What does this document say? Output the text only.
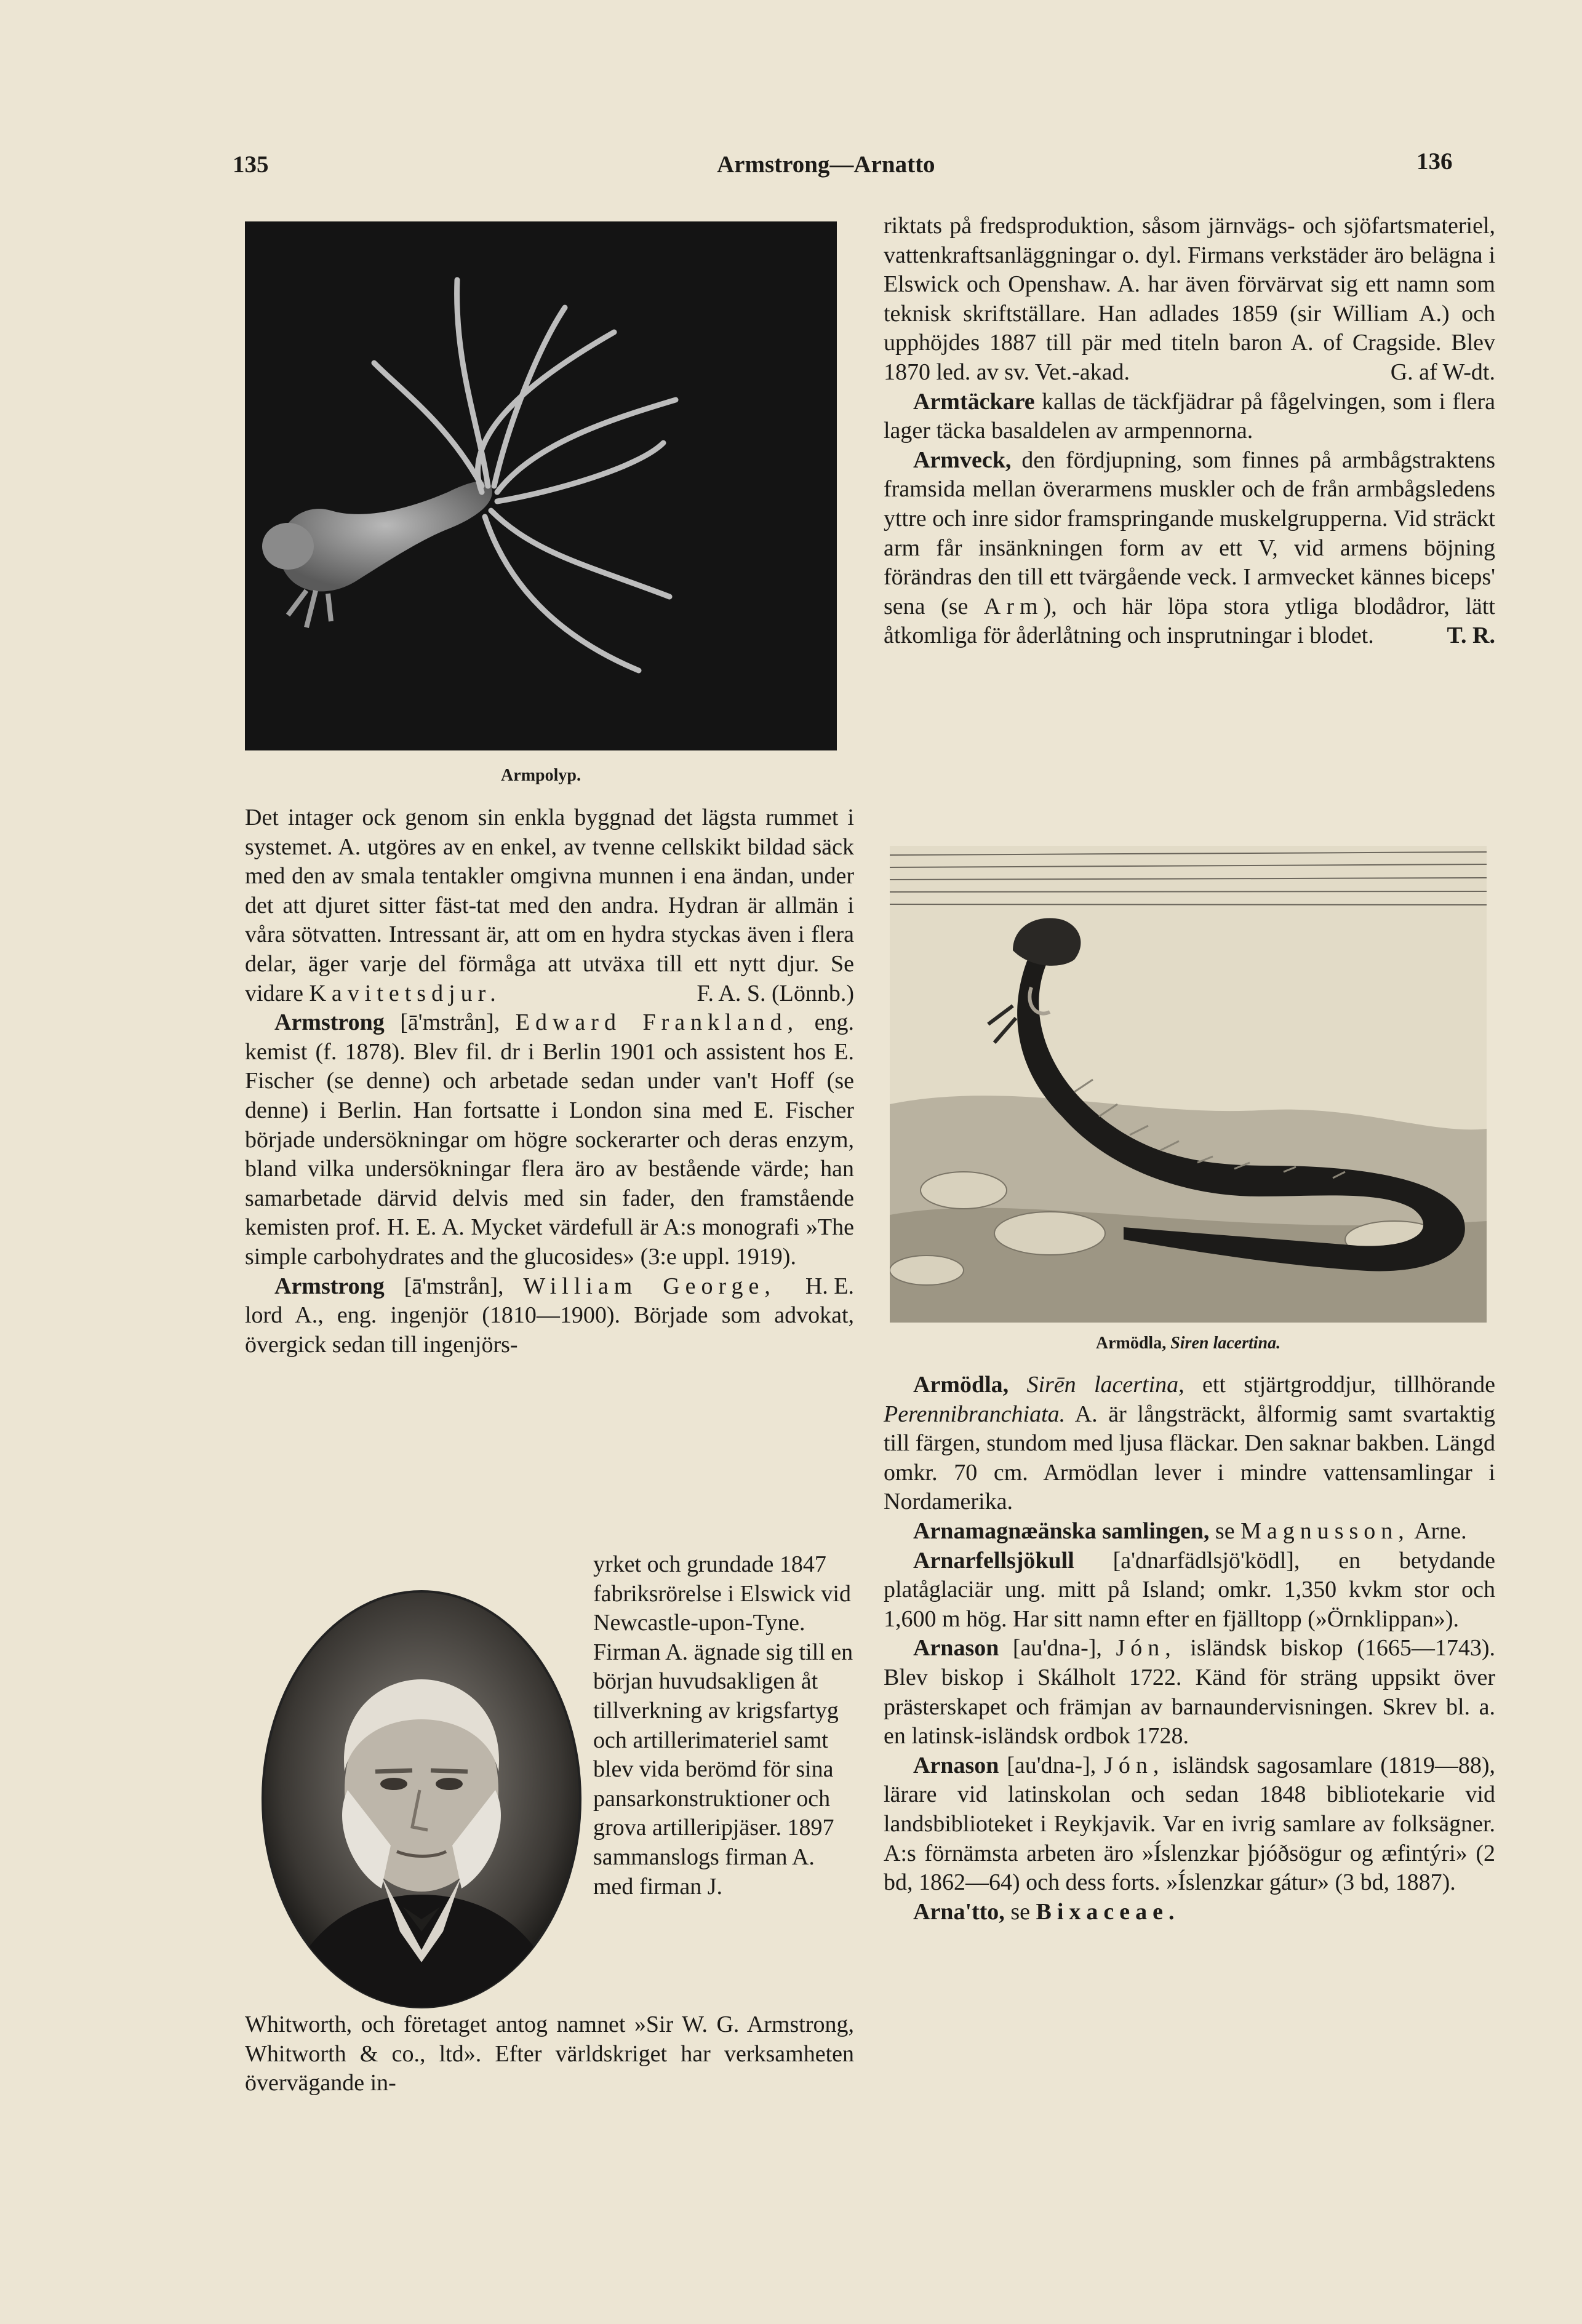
135	Armstrong—Arnatto	136
Armpolyp.

Det intager ock genom sin enkla byggnad det lägsta rummet i systemet. A. utgöres av en enkel, av tvenne cellskikt bildad säck med den av smala tentakler omgivna munnen i ena ändan, under det att djuret sitter fäst-tat med den andra. Hydran är allmän i våra sötvatten. Intressant är, att om en hydra styckas även i flera delar, äger varje del förmåga att utväxa till ett nytt djur. Se vidare Kavitetsdjur.	F. A. S. (Lönnb.)

Armstrong [ā'mstrån], Edward Frankland, eng. kemist (f. 1878). Blev fil. dr i Berlin 1901 och assistent hos E. Fischer (se denne) och arbetade sedan under van't Hoff (se denne) i Berlin. Han fortsatte i London sina med E. Fischer började undersökningar om högre sockerarter och deras enzym, bland vilka undersökningar flera äro av bestående värde; han samarbetade därvid delvis med sin fader, den framstående kemisten prof. H. E. A. Mycket värdefull är A:s monografi »The simple carbohydrates and the glucosides» (3:e uppl. 1919).
H. E.

Armstrong [ā'mstrån], William George, lord A., eng. ingenjör (1810—1900). Började som advokat, övergick sedan till ingenjörs-

yrket och grundade 1847 fabriksrörelse i Elswick vid Newcastle-upon-Tyne. Firman A. ägnade sig till en början huvudsakligen åt tillverkning av krigsfartyg och artillerimateriel samt blev vida berömd för sina pansarkonstruktioner och grova artilleripjäser. 1897 sammanslogs firman A. med firman J.

Whitworth, och företaget antog namnet »Sir W. G. Armstrong, Whitworth & co., ltd». Efter världskriget har verksamheten övervägande in-

riktats på fredsproduktion, såsom järnvägs- och sjöfartsmateriel, vattenkraftsanläggningar o. dyl. Firmans verkstäder äro belägna i Elswick och Openshaw. A. har även förvärvat sig ett namn som teknisk skriftställare. Han adlades 1859 (sir William A.) och upphöjdes 1887 till pär med titeln baron A. of Cragside. Blev 1870 led. av sv. Vet.-akad.	G. af W-dt.

Armtäckare kallas de täckfjädrar på fågelvingen, som i flera lager täcka basaldelen av armpennorna.

Armveck, den fördjupning, som finnes på armbågstraktens framsida mellan överarmens muskler och de från armbågsledens yttre och inre sidor framspringande muskelgrupperna. Vid sträckt arm får insänkningen form av ett V, vid armens böjning förändras den till ett tvärgående veck. I armvecket kännes biceps' sena (se Arm), och här löpa stora ytliga blodådror, lätt åtkomliga för åderlåtning och insprutningar i blodet.	T. R.

Armödla, Siren lacertina.

Armödla, Sirēn lacertina, ett stjärtgroddjur, tillhörande Perennibranchiata. A. är långsträckt, ålformig samt svartaktig till färgen, stundom med ljusa fläckar. Den saknar bakben. Längd omkr. 70 cm. Armödlan lever i mindre vattensamlingar i Nordamerika.

Arnamagnæänska samlingen, se Magnusson, Arne.

Arnarfellsjökull [a'dnarfädlsjö'ködl], en betydande platåglaciär ung. mitt på Island; omkr. 1,350 kvkm stor och 1,600 m hög. Har sitt namn efter en fjälltopp (»Örnklippan»).

Arnason [au'dna-], Jón, isländsk biskop (1665—1743). Blev biskop i Skálholt 1722. Känd för sträng uppsikt över prästerskapet och främjan av barnaundervisningen. Skrev bl. a. en latinsk-isländsk ordbok 1728.

Arnason [au'dna-], Jón, isländsk sagosamlare (1819—88), lärare vid latinskolan och sedan 1848 bibliotekarie vid landsbiblioteket i Reykjavik. Var en ivrig samlare av folksägner. A:s förnämsta arbeten äro »Íslenzkar þjóðsögur og æfintýri» (2 bd, 1862—64) och dess forts. »Íslenzkar gátur» (3 bd, 1887).

Arna'tto, se Bixaceae.
